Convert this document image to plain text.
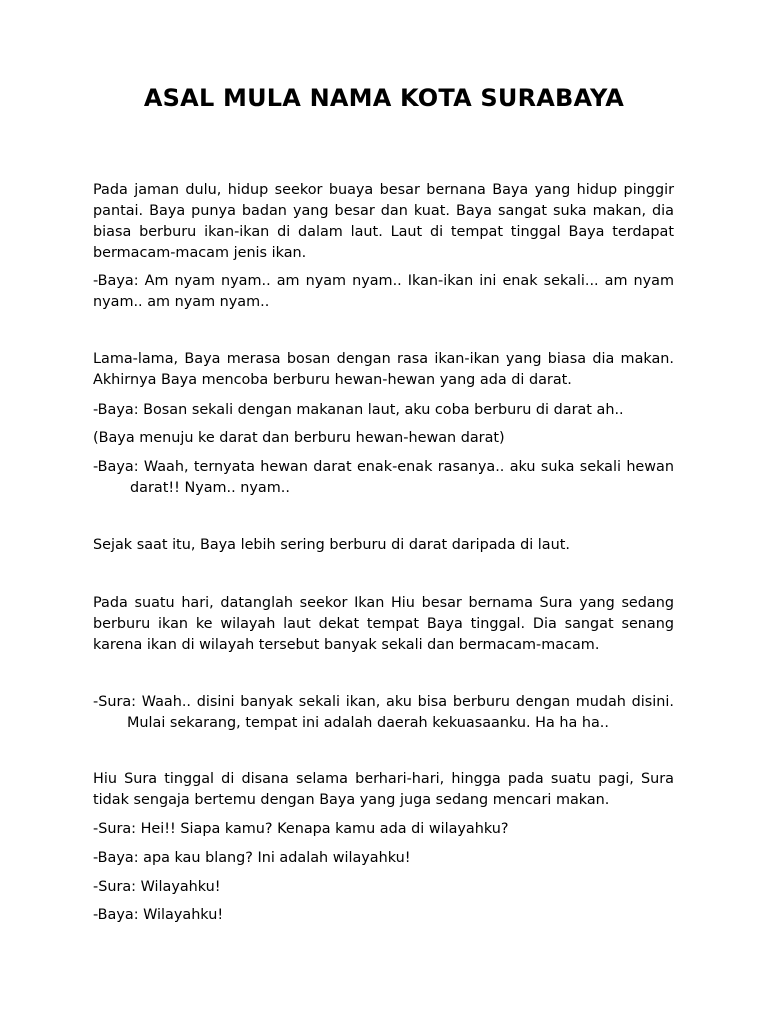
ASAL MULA NAMA KOTA SURABAYA

Pada jaman dulu, hidup seekor buaya besar bernana Baya yang hidup pinggir pantai. Baya punya badan yang besar dan kuat. Baya sangat suka makan, dia biasa berburu ikan-ikan di dalam laut. Laut di tempat tinggal Baya terdapat bermacam-macam jenis ikan.

-Baya: Am nyam nyam.. am nyam nyam.. Ikan-ikan ini enak sekali... am nyam nyam.. am nyam nyam..

Lama-lama, Baya merasa bosan dengan rasa ikan-ikan yang biasa dia makan. Akhirnya Baya mencoba berburu hewan-hewan yang ada di darat.

-Baya: Bosan sekali dengan makanan laut, aku coba berburu di darat ah..

(Baya menuju ke darat dan berburu hewan-hewan darat)

-Baya: Waah, ternyata hewan darat enak-enak rasanya.. aku suka sekali hewan darat!! Nyam.. nyam..

Sejak saat itu, Baya lebih sering berburu di darat daripada di laut.

Pada suatu hari, datanglah seekor Ikan Hiu besar bernama Sura yang sedang berburu ikan ke wilayah laut dekat tempat Baya tinggal. Dia sangat senang karena ikan di wilayah tersebut banyak sekali dan bermacam-macam.

-Sura: Waah.. disini banyak sekali ikan, aku bisa berburu dengan mudah disini. Mulai sekarang, tempat ini adalah daerah kekuasaanku. Ha ha ha..

Hiu Sura tinggal di disana selama berhari-hari, hingga pada suatu pagi, Sura tidak sengaja bertemu dengan Baya yang juga sedang mencari makan.

-Sura: Hei!! Siapa kamu? Kenapa kamu ada di wilayahku?

-Baya: apa kau blang? Ini adalah wilayahku!

-Sura: Wilayahku!

-Baya: Wilayahku!
